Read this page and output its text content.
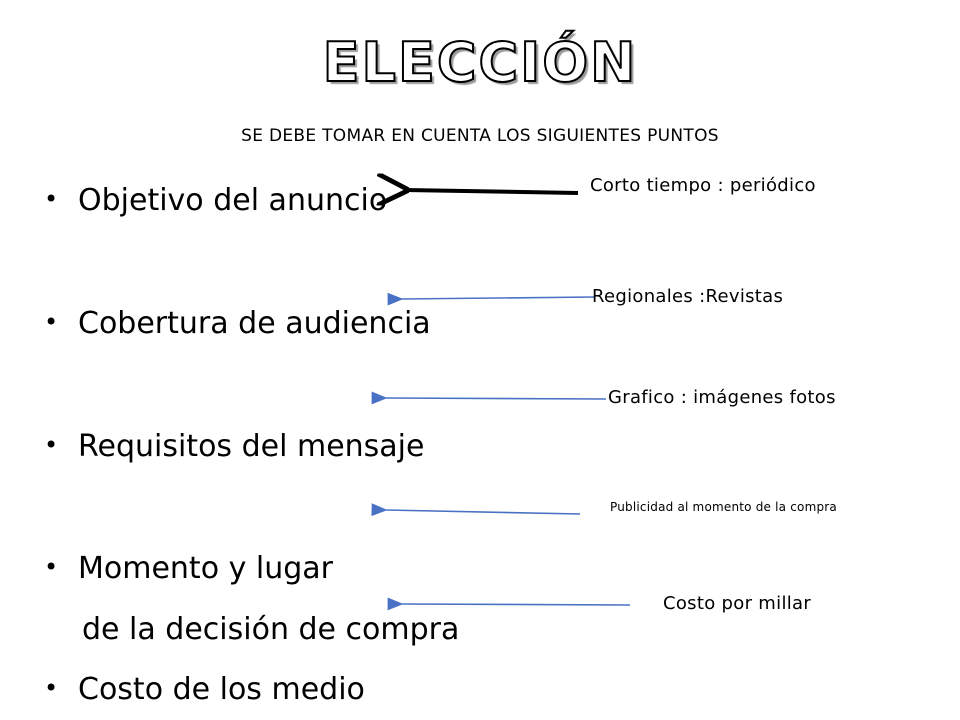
ELECCIÓN
SE DEBE TOMAR EN CUENTA LOS SIGUIENTES PUNTOS
• Objetivo del anuncio
• Cobertura de audiencia
• Requisitos del mensaje
• Momento y lugar
de la decisión de compra
• Costo de los medio
Corto tiempo : periódico
Regionales :Revistas
Grafico : imágenes fotos
Publicidad al momento de la compra
Costo por millar
